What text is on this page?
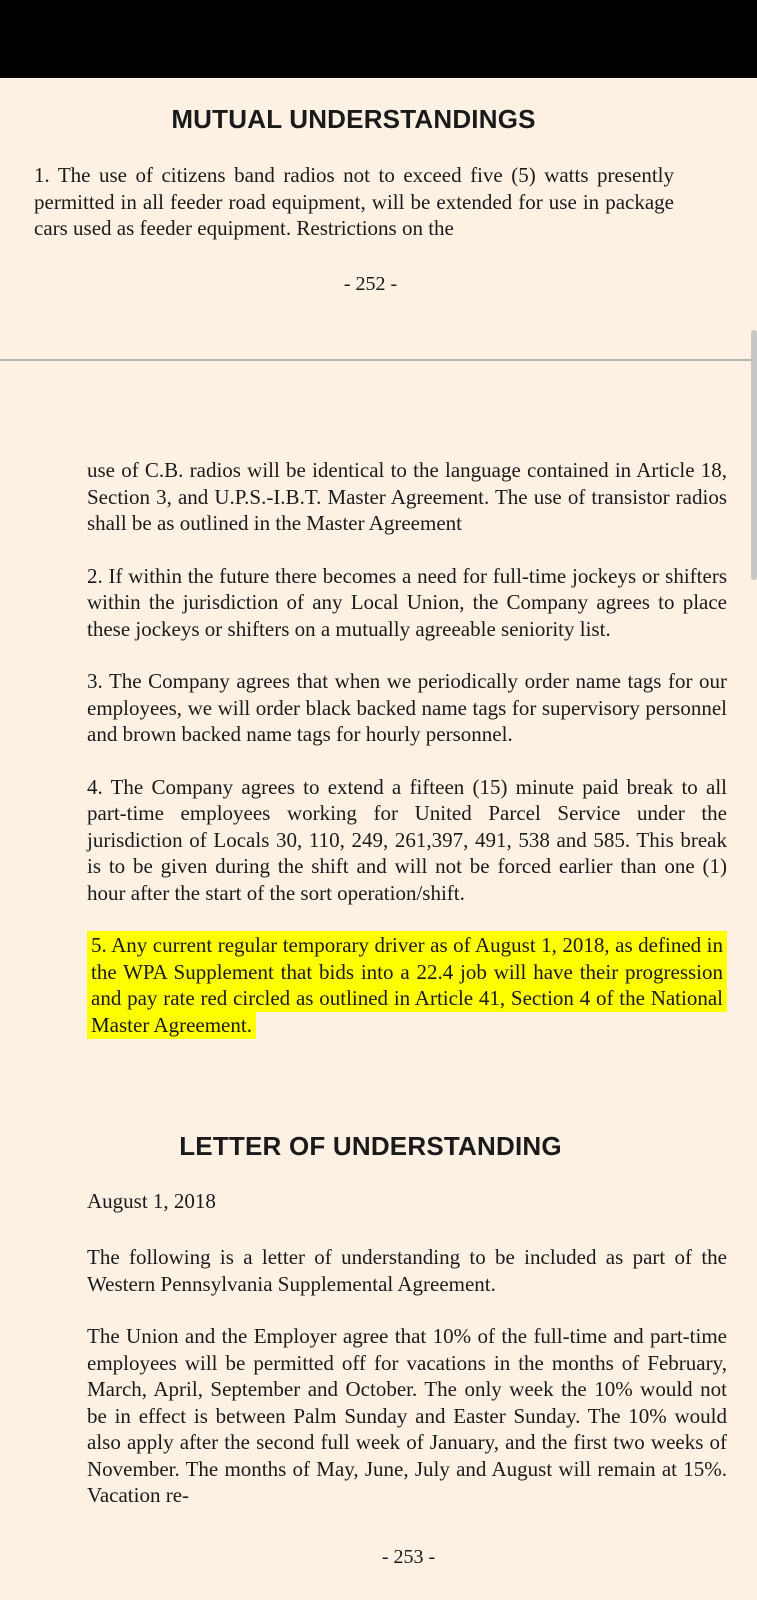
MUTUAL UNDERSTANDINGS

1. The use of citizens band radios not to exceed five (5) watts presently permitted in all feeder road equipment, will be extended for use in package cars used as feeder equipment. Restrictions on the

- 252 -

use of C.B. radios will be identical to the language contained in Article 18, Section 3, and U.P.S.-I.B.T. Master Agreement. The use of transistor radios shall be as outlined in the Master Agreement

2. If within the future there becomes a need for full-time jockeys or shifters within the jurisdiction of any Local Union, the Company agrees to place these jockeys or shifters on a mutually agreeable seniority list.

3. The Company agrees that when we periodically order name tags for our employees, we will order black backed name tags for supervisory personnel and brown backed name tags for hourly personnel.

4. The Company agrees to extend a fifteen (15) minute paid break to all part-time employees working for United Parcel Service under the jurisdiction of Locals 30, 110, 249, 261,397, 491, 538 and 585. This break is to be given during the shift and will not be forced earlier than one (1) hour after the start of the sort operation/shift.

5. Any current regular temporary driver as of August 1, 2018, as defined in the WPA Supplement that bids into a 22.4 job will have their progression and pay rate red circled as outlined in Article 41, Section 4 of the National Master Agreement.

LETTER OF UNDERSTANDING
August 1, 2018

The following is a letter of understanding to be included as part of the Western Pennsylvania Supplemental Agreement.

The Union and the Employer agree that 10% of the full-time and part-time employees will be permitted off for vacations in the months of February, March, April, September and October. The only week the 10% would not be in effect is between Palm Sunday and Easter Sunday. The 10% would also apply after the second full week of January, and the first two weeks of November. The months of May, June, July and August will remain at 15%. Vacation re-

- 253 -
